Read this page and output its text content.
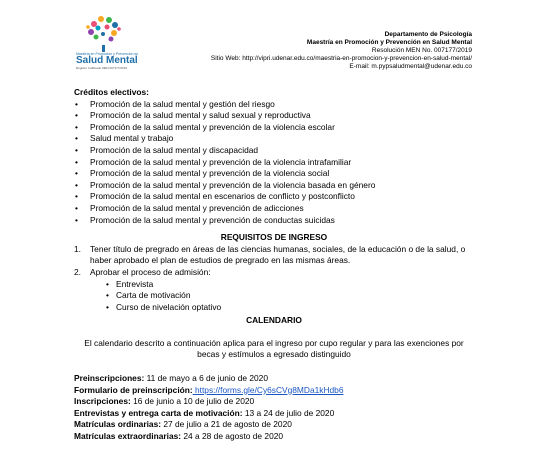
Maestría en Promoción y Prevención en
Salud Mental
Registro Calificado MEN 007177/2019
Departamento de Psicología
Maestría en Promoción y Prevención en Salud Mental
Resolución MEN No. 007177/2019
Sitio Web: http://vipri.udenar.edu.co/maestria-en-promocion-y-prevencion-en-salud-mental/
E-mail: m.pypsaludmental@udenar.edu.co
Créditos electivos:
• Promoción de la salud mental y gestión del riesgo
• Promoción de la salud mental y salud sexual y reproductiva
• Promoción de la salud mental y prevención de la violencia escolar
• Salud mental y trabajo
• Promoción de la salud mental y discapacidad
• Promoción de la salud mental y prevención de la violencia intrafamiliar
• Promoción de la salud mental y prevención de la violencia social
• Promoción de la salud mental y prevención de la violencia basada en género
• Promoción de la salud mental en escenarios de conflicto y postconflicto
• Promoción de la salud mental y prevención de adicciones
• Promoción de la salud mental y prevención de conductas suicidas
REQUISITOS DE INGRESO
1. Tener título de pregrado en áreas de las ciencias humanas, sociales, de la educación o de la salud, o haber aprobado el plan de estudios de pregrado en las mismas áreas.
2. Aprobar el proceso de admisión:
• Entrevista
• Carta de motivación
• Curso de nivelación optativo
CALENDARIO
El calendario descrito a continuación aplica para el ingreso por cupo regular y para las exenciones por becas y estímulos a egresado distinguido

Preinscripciones: 11 de mayo a 6 de junio de 2020

Formulario de preinscripción: https://forms.gle/Cy6sCVg8MDa1kHdb6

Inscripciones: 16 de junio a 10 de julio de 2020

Entrevistas y entrega carta de motivación: 13 a 24 de julio de 2020

Matrículas ordinarias: 27 de julio a 21 de agosto de 2020

Matrículas extraordinarias: 24 a 28 de agosto de 2020
